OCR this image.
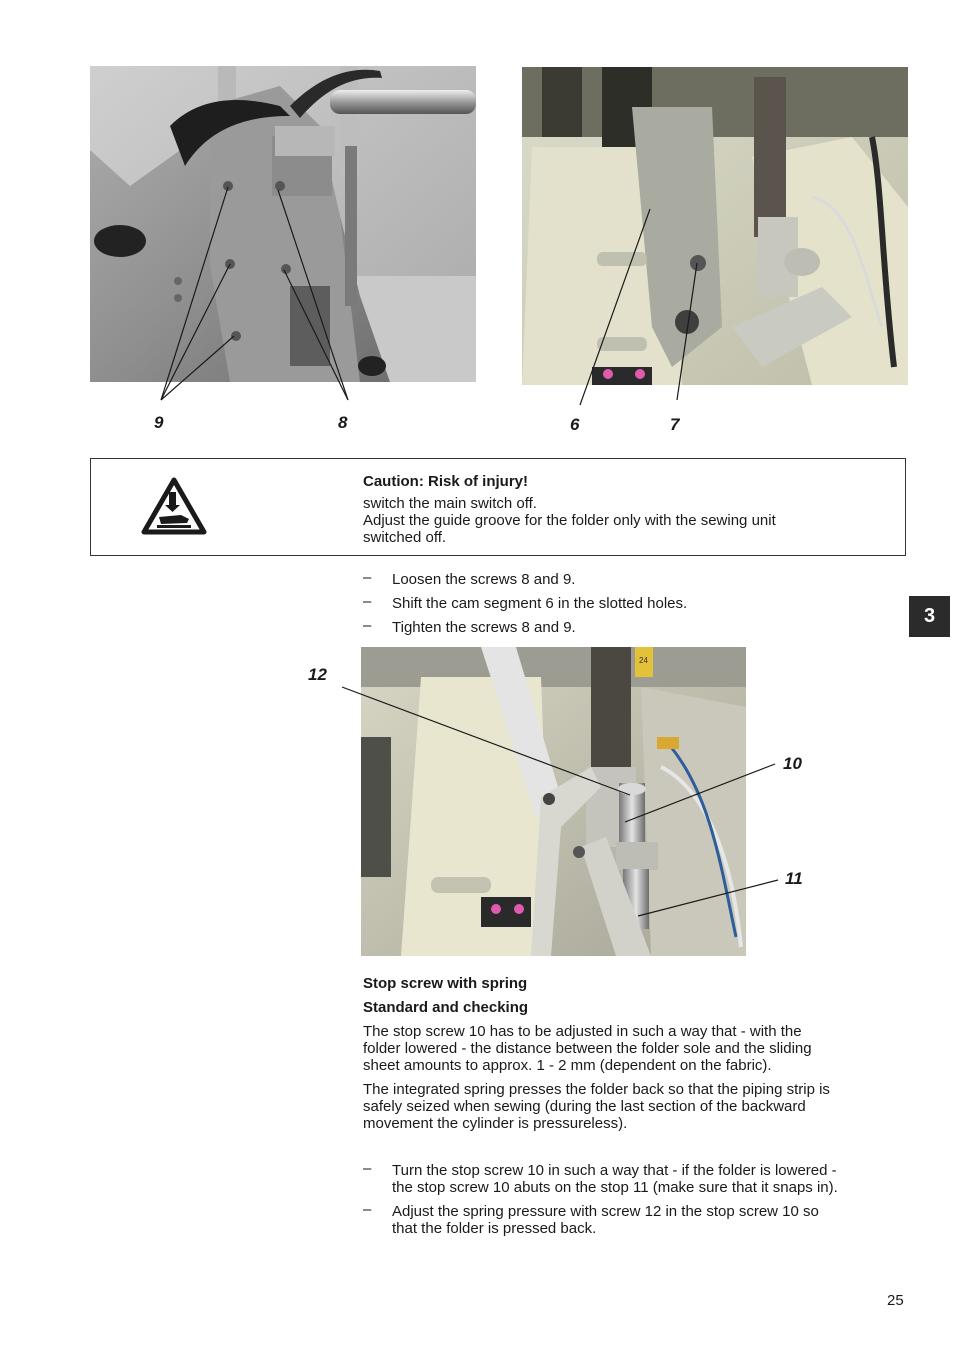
9	8	6	7
Caution: Risk of injury!
switch the main switch off.
Adjust the guide groove for the folder only with the sewing unit
switched off.
– Loosen the screws 8 and 9.
– Shift the cam segment 6 in the slotted holes.
– Tighten the screws 8 and 9.
3
24
12
10
11
Stop screw with spring
Standard and checking
The stop screw 10 has to be adjusted in such a way that - with the
folder lowered - the distance between the folder sole and the sliding
sheet amounts to approx. 1 - 2 mm (dependent on the fabric).
The integrated spring presses the folder back so that the piping strip is
safely seized when sewing (during the last section of the backward
movement the cylinder is pressureless).
– Turn the stop screw 10 in such a way that - if the folder is lowered -
the stop screw 10 abuts on the stop 11 (make sure that it snaps in).
– Adjust the spring pressure with screw 12 in the stop screw 10 so
that the folder is pressed back.
25
